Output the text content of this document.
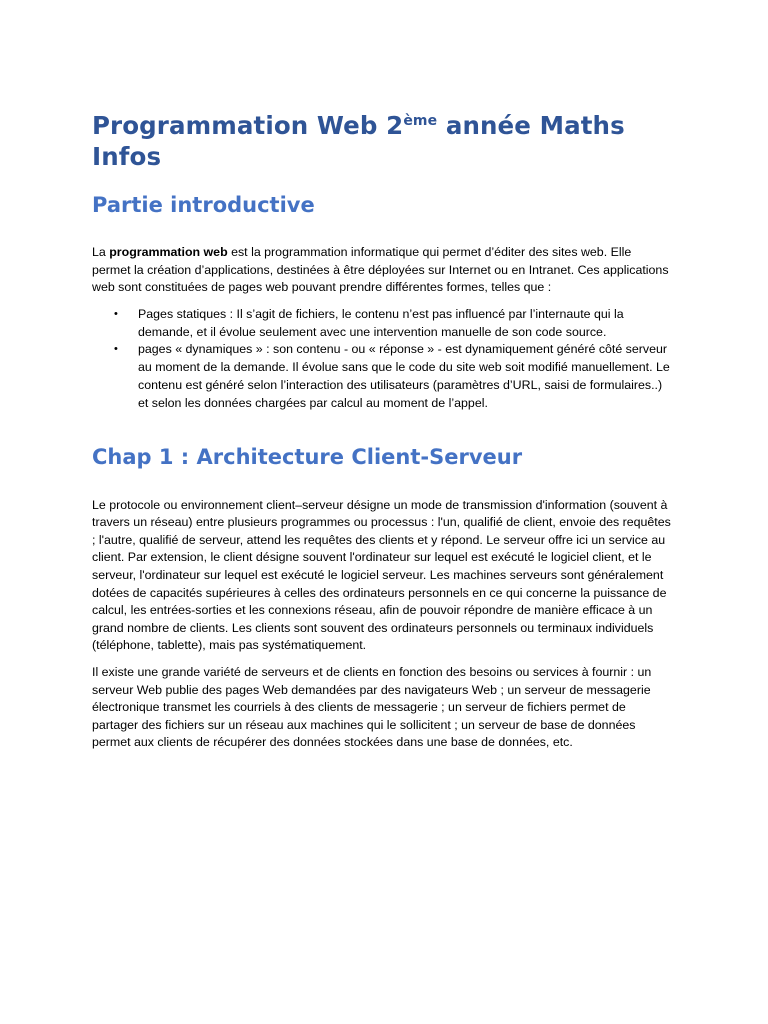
Programmation Web 2ème année Maths Infos
Partie introductive

La programmation web est la programmation informatique qui permet d’éditer des sites web. Elle permet la création d’applications, destinées à être déployées sur Internet ou en Intranet. Ces applications web sont constituées de pages web pouvant prendre différentes formes, telles que :

• Pages statiques : Il s’agit de fichiers, le contenu n’est pas influencé par l’internaute qui la demande, et il évolue seulement avec une intervention manuelle de son code source.
• pages « dynamiques » : son contenu - ou « réponse » - est dynamiquement généré côté serveur au moment de la demande. Il évolue sans que le code du site web soit modifié manuellement. Le contenu est généré selon l’interaction des utilisateurs (paramètres d’URL, saisi de formulaires..) et selon les données chargées par calcul au moment de l’appel.
Chap 1 : Architecture Client-Serveur

Le protocole ou environnement client–serveur désigne un mode de transmission d'information (souvent à travers un réseau) entre plusieurs programmes ou processus : l'un, qualifié de client, envoie des requêtes ; l'autre, qualifié de serveur, attend les requêtes des clients et y répond. Le serveur offre ici un service au client. Par extension, le client désigne souvent l'ordinateur sur lequel est exécuté le logiciel client, et le serveur, l'ordinateur sur lequel est exécuté le logiciel serveur. Les machines serveurs sont généralement dotées de capacités supérieures à celles des ordinateurs personnels en ce qui concerne la puissance de calcul, les entrées-sorties et les connexions réseau, afin de pouvoir répondre de manière efficace à un grand nombre de clients. Les clients sont souvent des ordinateurs personnels ou terminaux individuels (téléphone, tablette), mais pas systématiquement.

Il existe une grande variété de serveurs et de clients en fonction des besoins ou services à fournir : un serveur Web publie des pages Web demandées par des navigateurs Web ; un serveur de messagerie électronique transmet les courriels à des clients de messagerie ; un serveur de fichiers permet de partager des fichiers sur un réseau aux machines qui le sollicitent ; un serveur de base de données permet aux clients de récupérer des données stockées dans une base de données, etc.
